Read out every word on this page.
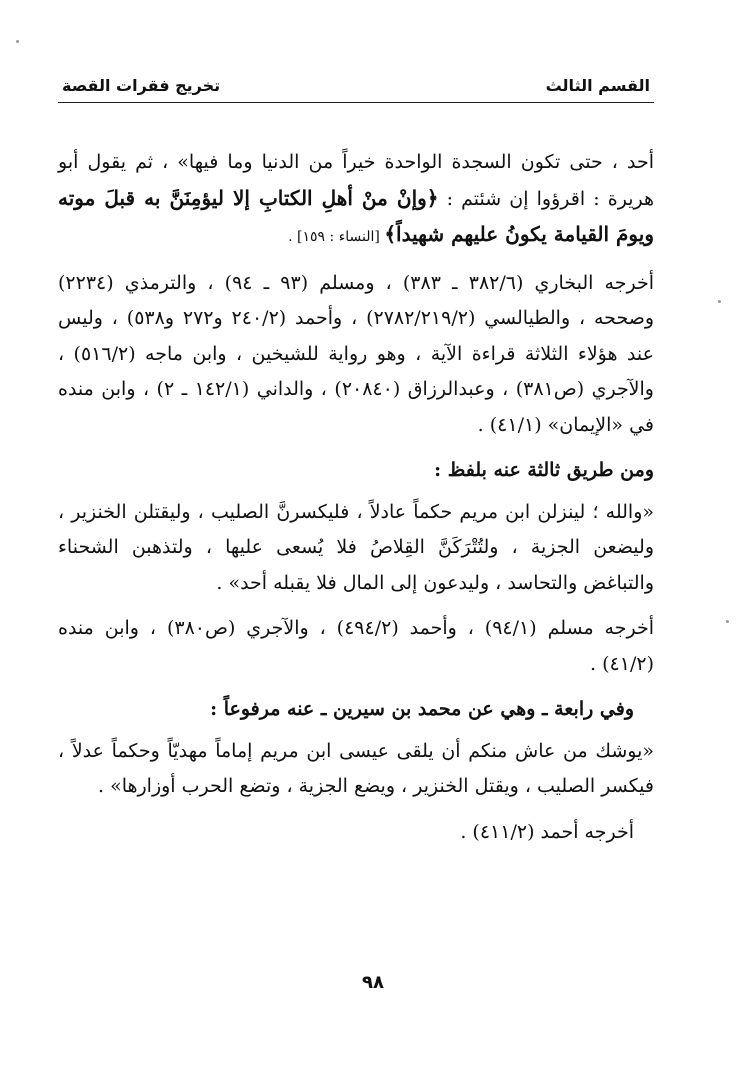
القسم الثالث
تخريج فقرات القصة

أحد ، حتى تكون السجدة الواحدة خيراً من الدنيا وما فيها» ، ثم يقول أبو هريرة : اقرؤوا إن شئتم : ﴿وإنْ منْ أهلِ الكتابِ إلا ليؤمِنَنَّ به قبلَ موته ويومَ القيامة يكونُ عليهم شهيداً﴾ [النساء : ١٥٩] .

أخرجه البخاري (٣٨٢/٦ ـ ٣٨٣) ، ومسلم (٩٣ ـ ٩٤) ، والترمذي (٢٢٣٤) وصححه ، والطيالسي (٢٧٨٢/٢١٩/٢) ، وأحمد (٢٤٠/٢ و٢٧٢ و٥٣٨) ، وليس عند هؤلاء الثلاثة قراءة الآية ، وهو رواية للشيخين ، وابن ماجه (٥١٦/٢) ، والآجري (ص٣٨١) ، وعبدالرزاق (٢٠٨٤٠) ، والداني (١٤٢/١ ـ ٢) ، وابن منده في «الإيمان» (٤١/١) .

ومن طريق ثالثة عنه بلفظ :

«والله ؛ لينزلن ابن مريم حكماً عادلاً ، فليكسرنَّ الصليب ، وليقتلن الخنزير ، وليضعن الجزية ، ولتُتْرَكَنَّ القِلاصُ فلا يُسعى عليها ، ولتذهبن الشحناء والتباغض والتحاسد ، وليدعون إلى المال فلا يقبله أحد» .

أخرجه مسلم (٩٤/١) ، وأحمد (٤٩٤/٢) ، والآجري (ص٣٨٠) ، وابن منده (٤١/٢) .

وفي رابعة ـ وهي عن محمد بن سيرين ـ عنه مرفوعاً :

«يوشك من عاش منكم أن يلقى عيسى ابن مريم إماماً مهديّاً وحكماً عدلاً ، فيكسر الصليب ، ويقتل الخنزير ، ويضع الجزية ، وتضع الحرب أوزارها» .

أخرجه أحمد (٤١١/٢) .

٩٨
